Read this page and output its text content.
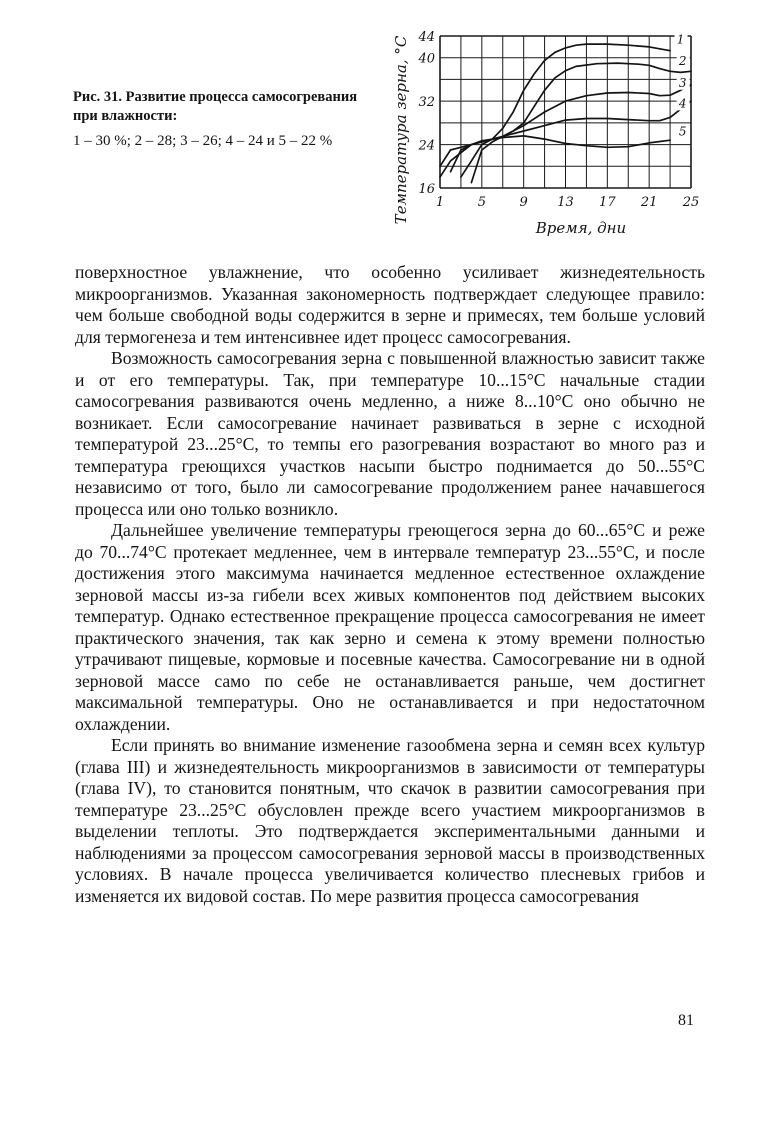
Рис. 31. Развитие процесса самосогревания при влажности:
1 – 30 %; 2 – 28; 3 – 26; 4 – 24 и 5 – 22 %
1	5	9 13 17 21 25
16
24
32
40
44	1
2
3
4
5
Температура зерна, °С
Время, дни

поверхностное увлажнение, что особенно усиливает жизнедеятельность микроорганизмов. Указанная закономерность подтверждает следующее правило: чем больше свободной воды содержится в зерне и примесях, тем больше условий для термогенеза и тем интенсивнее идет процесс самосогревания.

Возможность самосогревания зерна с повышенной влажностью зависит также и от его температуры. Так, при температуре 10...15°С начальные стадии самосогревания развиваются очень медленно, а ниже 8...10°С оно обычно не возникает. Если самосогревание начинает развиваться в зерне с исходной температурой 23...25°С, то темпы его разогревания возрастают во много раз и температура греющихся участков насыпи быстро поднимается до 50...55°С независимо от того, было ли самосогревание продолжением ранее начавшегося процесса или оно только возникло.

Дальнейшее увеличение температуры греющегося зерна до 60...65°С и реже до 70...74°С протекает медленнее, чем в интервале температур 23...55°С, и после достижения этого максимума начинается медленное естественное охлаждение зерновой массы из-за гибели всех живых компонентов под действием высоких температур. Однако естественное прекращение процесса самосогревания не имеет практического значения, так как зерно и семена к этому времени полностью утрачивают пищевые, кормовые и посевные качества. Самосогревание ни в одной зерновой массе само по себе не останавливается раньше, чем достигнет максимальной температуры. Оно не останавливается и при недостаточном охлаждении.

Если принять во внимание изменение газообмена зерна и семян всех культур (глава III) и жизнедеятельность микроорганизмов в зависимости от температуры (глава IV), то становится понятным, что скачок в развитии самосогревания при температуре 23...25°С обусловлен прежде всего участием микроорганизмов в выделении теплоты. Это подтверждается экспериментальными данными и наблюдениями за процессом самосогревания зерновой массы в производственных условиях. В начале процесса увеличивается количество плесневых грибов и изменяется их видовой состав. По мере развития процесса самосогревания

81
